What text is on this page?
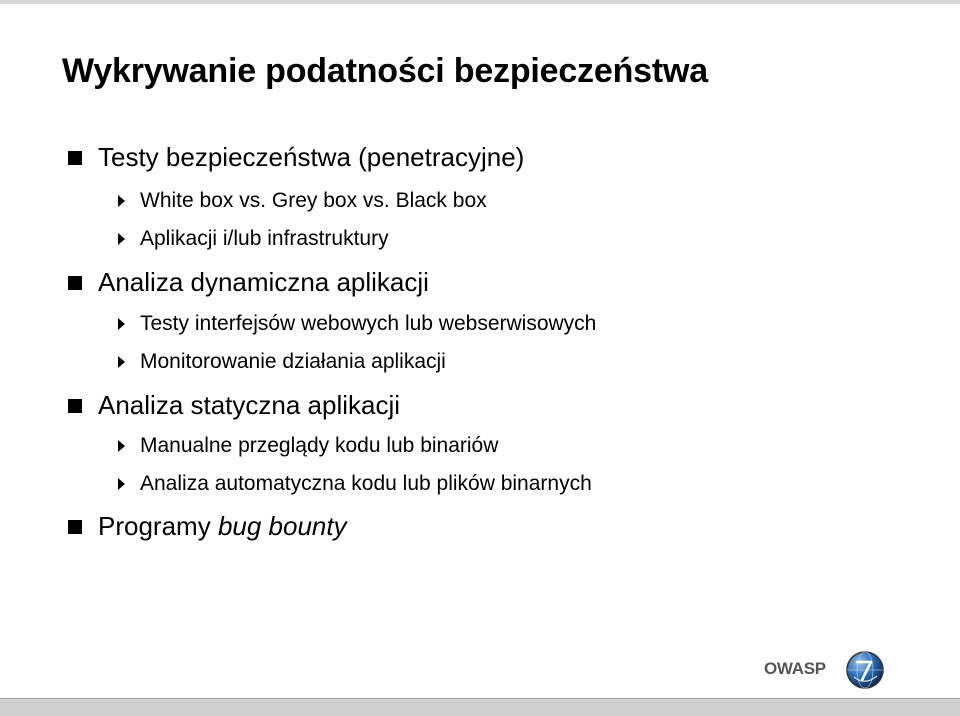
Wykrywanie podatności bezpieczeństwa
Testy bezpieczeństwa (penetracyjne)
White box vs. Grey box vs. Black box
Aplikacji i/lub infrastruktury
Analiza dynamiczna aplikacji
Testy interfejsów webowych lub webserwisowych
Monitorowanie działania aplikacji
Analiza statyczna aplikacji
Manualne przeglądy kodu lub binariów
Analiza automatyczna kodu lub plików binarnych
Programy
bug bounty
OWASP
